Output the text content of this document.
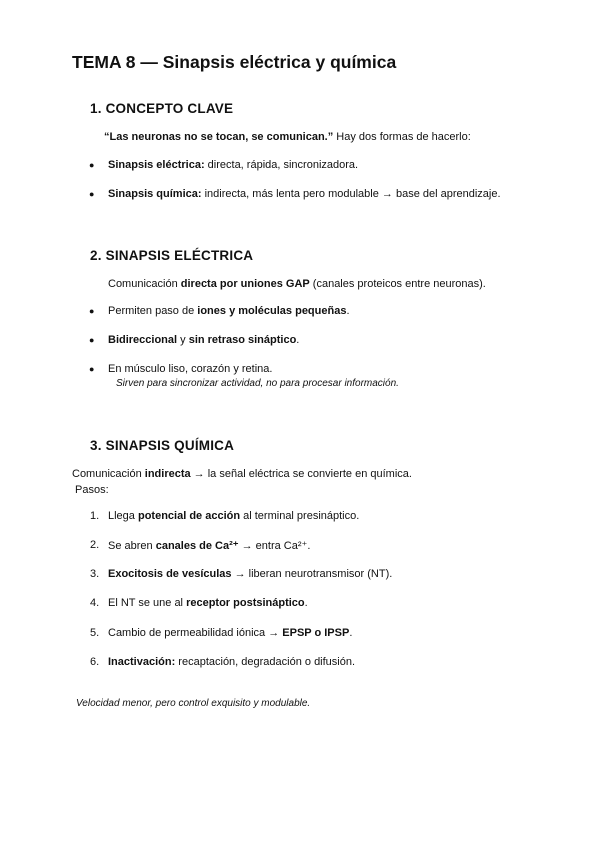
TEMA 8 — Sinapsis eléctrica y química
1. CONCEPTO CLAVE
“Las neuronas no se tocan, se comunican.” Hay dos formas de hacerlo:
● Sinapsis eléctrica: directa, rápida, sincronizadora.
● Sinapsis química: indirecta, más lenta pero modulable → base del aprendizaje.
2. SINAPSIS ELÉCTRICA
Comunicación directa por uniones GAP (canales proteicos entre neuronas).
● Permiten paso de iones y moléculas pequeñas.
● Bidireccional y sin retraso sináptico.
● En músculo liso, corazón y retina.
Sirven para sincronizar actividad, no para procesar información.
3. SINAPSIS QUÍMICA
Comunicación indirecta → la señal eléctrica se convierte en química.
Pasos:
1. Llega potencial de acción al terminal presináptico.
2. Se abren canales de Ca²⁺ → entra Ca²⁺.
3. Exocitosis de vesículas → liberan neurotransmisor (NT).
4. El NT se une al receptor postsináptico.
5. Cambio de permeabilidad iónica → EPSP o IPSP.
6. Inactivación: recaptación, degradación o difusión.
Velocidad menor, pero control exquisito y modulable.
